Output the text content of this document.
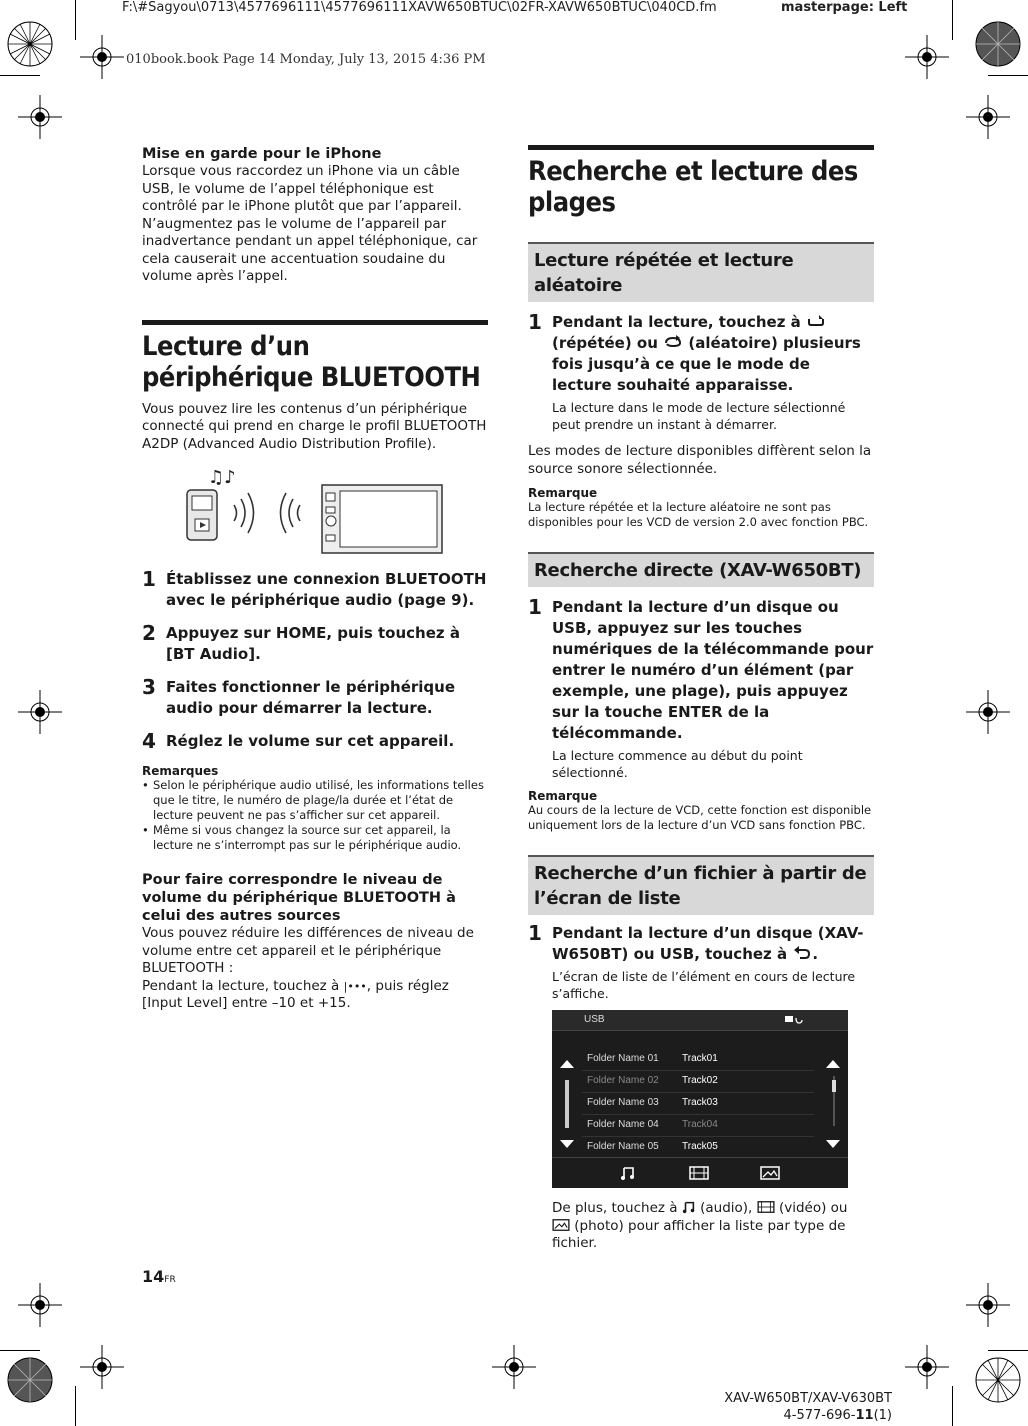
F:\#Sagyou\0713\4577696111\4577696111XAVW650BTUC\02FR-XAVW650BTUC\040CD.fm	masterpage: Left
010book.book Page 14 Monday, July 13, 2015 4:36 PM
Mise en garde pour le iPhone
Lorsque vous raccordez un iPhone via un câble USB, le volume de l’appel téléphonique est contrôlé par le iPhone plutôt que par l’appareil. N’augmentez pas le volume de l’appareil par inadvertance pendant un appel téléphonique, car cela causerait une accentuation soudaine du volume après l’appel.
Lecture d’un périphérique BLUETOOTH
Vous pouvez lire les contenus d’un périphérique connecté qui prend en charge le profil BLUETOOTH A2DP (Advanced Audio Distribution Profile).
♫♪
1 Établissez une connexion BLUETOOTH avec le périphérique audio (page 9).
2 Appuyez sur HOME, puis touchez à [BT Audio].
3 Faites fonctionner le périphérique audio pour démarrer la lecture.
4 Réglez le volume sur cet appareil.
Remarques
• Selon le périphérique audio utilisé, les informations telles que le titre, le numéro de plage/la durée et l’état de lecture peuvent ne pas s’afficher sur cet appareil.
• Même si vous changez la source sur cet appareil, la lecture ne s’interrompt pas sur le périphérique audio.
Pour faire correspondre le niveau de volume du périphérique BLUETOOTH à celui des autres sources
Vous pouvez réduire les différences de niveau de volume entre cet appareil et le périphérique BLUETOOTH :
Pendant la lecture, touchez à |•••, puis réglez [Input Level] entre –10 et +15.
Recherche et lecture des plages
Lecture répétée et lecture aléatoire
1 Pendant la lecture, touchez à  (répétée) ou  (aléatoire) plusieurs fois jusqu’à ce que le mode de lecture souhaité apparaisse.
La lecture dans le mode de lecture sélectionné peut prendre un instant à démarrer.
Les modes de lecture disponibles diffèrent selon la source sonore sélectionnée.
Remarque
La lecture répétée et la lecture aléatoire ne sont pas disponibles pour les VCD de version 2.0 avec fonction PBC.
Recherche directe (XAV-W650BT)
1 Pendant la lecture d’un disque ou USB, appuyez sur les touches numériques de la télécommande pour entrer le numéro d’un élément (par exemple, une plage), puis appuyez sur la touche ENTER de la télécommande.
La lecture commence au début du point sélectionné.
Remarque
Au cours de la lecture de VCD, cette fonction est disponible uniquement lors de la lecture d’un VCD sans fonction PBC.
Recherche d’un fichier à partir de l’écran de liste
1 Pendant la lecture d’un disque (XAV-W650BT) ou USB, touchez à .
L’écran de liste de l’élément en cours de lecture s’affiche.
USB
Folder Name 01 Track01
Folder Name 02 Track02
Folder Name 03 Track03
Folder Name 04 Track04
Folder Name 05 Track05
De plus, touchez à  (audio),  (vidéo) ou
(photo) pour afficher la liste par type de fichier.
14FR
XAV-W650BT/XAV-V630BT
4-577-696-11(1)
